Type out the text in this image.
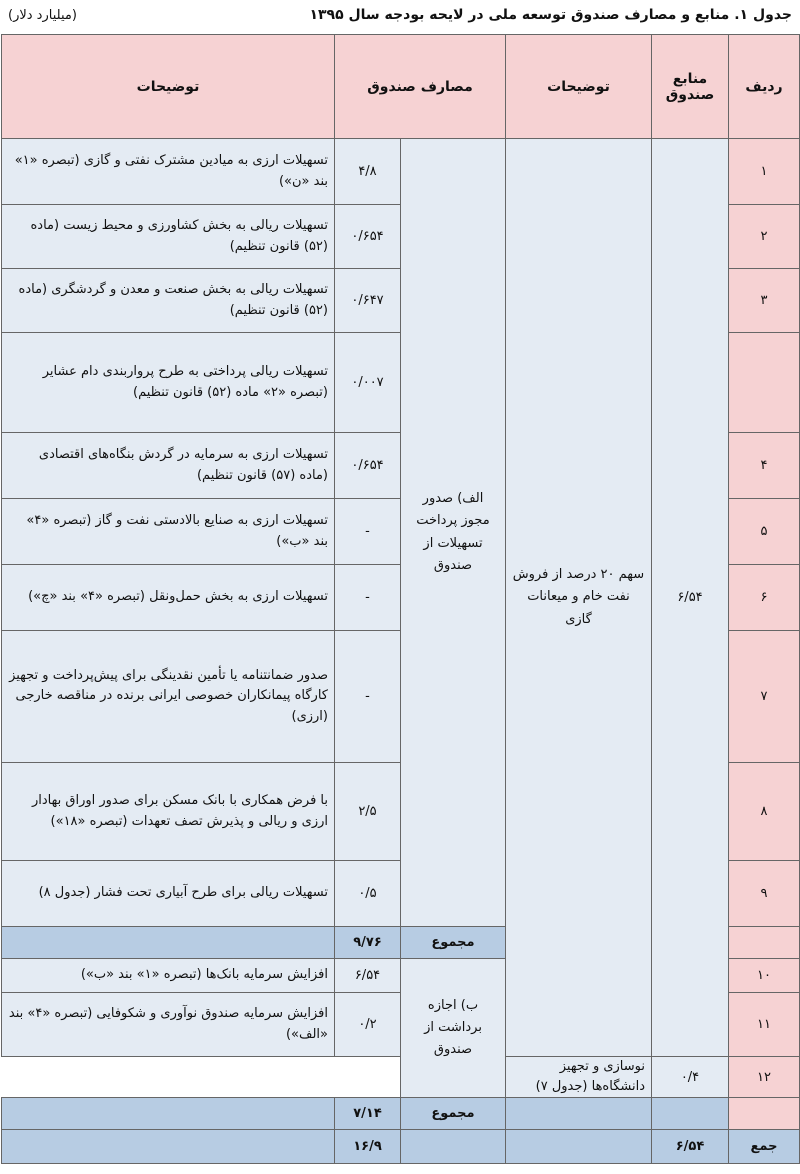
جدول ۱. منابع و مصارف صندوق توسعه ملی در لایحه بودجه سال ۱۳۹۵
(میلیارد دلار)
ردیف	منابع صندوق	توضیحات	مصارف صندوق		توضیحات
۱	۶/۵۴	سهم ۲۰ درصد از فروش نفت خام و میعانات گازی	الف) صدور مجوز پرداخت تسهیلات از صندوق	۴/۸	تسهیلات ارزی به میادین مشترک نفتی و گازی (تبصره «۱» بند «ن»)
۲				۰/۶۵۴	تسهیلات ریالی به بخش کشاورزی و محیط زیست (ماده (۵۲) قانون تنظیم)
۳				۰/۶۴۷	تسهیلات ریالی به بخش صنعت و معدن و گردشگری (ماده (۵۲) قانون تنظیم)
				۰/۰۰۷	تسهیلات ریالی پرداختی به طرح پرواربندی دام عشایر (تبصره «۲» ماده (۵۲) قانون تنظیم)
۴				۰/۶۵۴	تسهیلات ارزی به سرمایه در گردش بنگاه‌های اقتصادی (ماده (۵۷) قانون تنظیم)
۵				-	تسهیلات ارزی به صنایع بالادستی نفت و گاز (تبصره «۴» بند «ب»)
۶				-	تسهیلات ارزی به بخش حمل‌ونقل (تبصره «۴» بند «چ»)
۷				-	صدور ضمانتنامه یا تأمین نقدینگی برای پیش‌پرداخت و تجهیز کارگاه پیمانکاران خصوصی ایرانی برنده در مناقصه خارجی (ارزی)
۸				۲/۵	با فرض همکاری با بانک مسکن برای صدور اوراق بهادار ارزی و ریالی و پذیرش تصف تعهدات (تبصره «۱۸»)
۹				۰/۵	تسهیلات ریالی برای طرح آبیاری تحت فشار (جدول ۸)
			مجموع	۹/۷۶	
۱۰			ب) اجازه برداشت از صندوق	۶/۵۴	افزایش سرمایه بانک‌ها (تبصره «۱» بند «ب»)
۱۱				۰/۲	افزایش سرمایه صندوق نوآوری و شکوفایی (تبصره «۴» بند «الف»)
۱۲	۰/۴	نوسازی و تجهیز دانشگاه‌ها (جدول ۷)			
			مجموع	۷/۱۴	
جمع	۶/۵۴			۱۶/۹	
